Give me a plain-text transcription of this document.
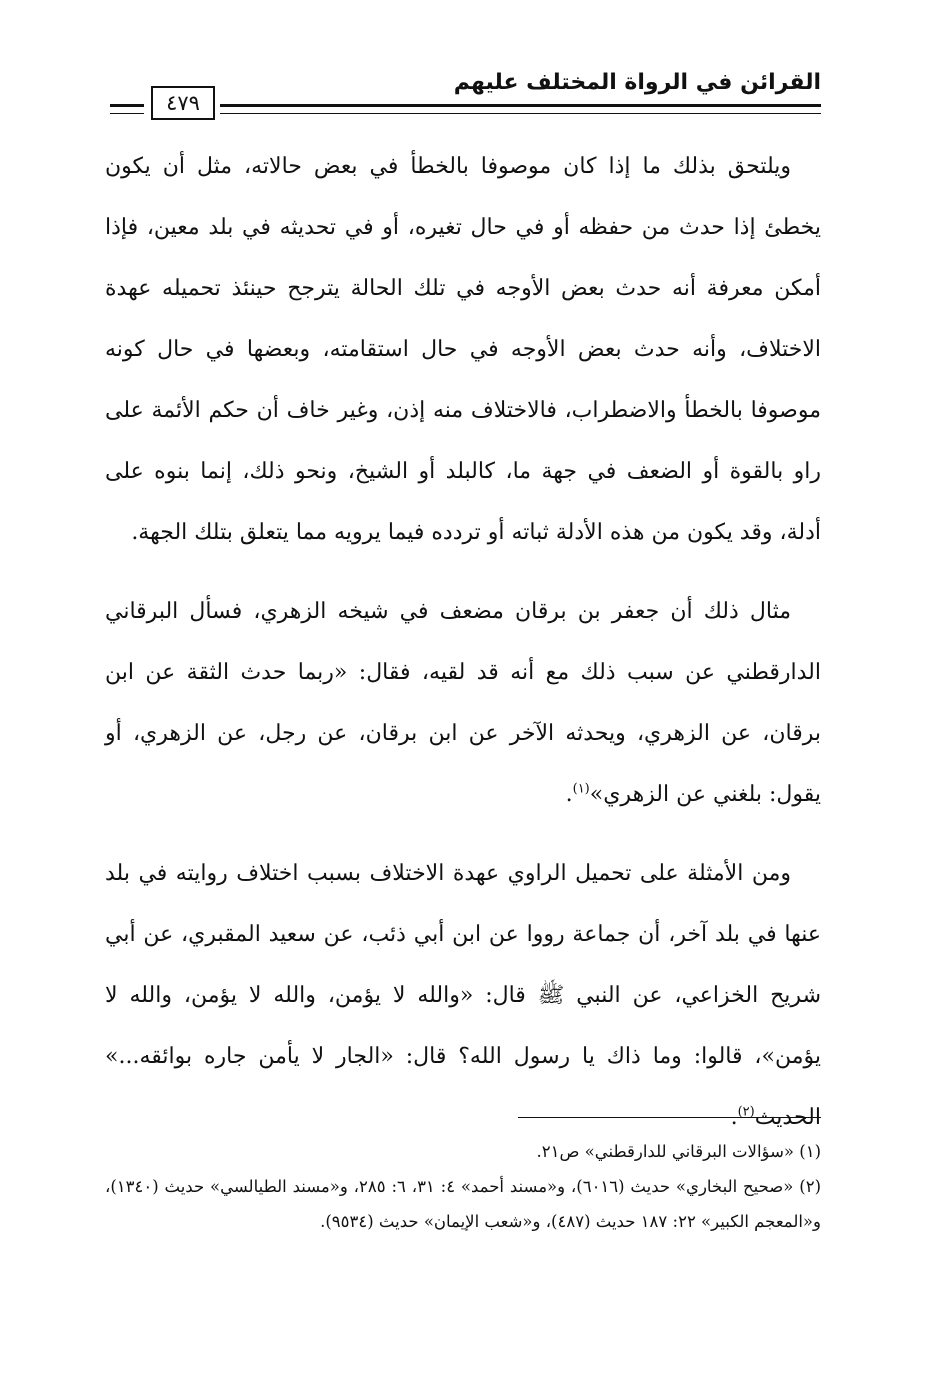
القرائن في الرواة المختلف عليهم
٤٧٩

ويلتحق بذلك ما إذا كان موصوفا بالخطأ في بعض حالاته، مثل أن يكون يخطئ إذا حدث من حفظه أو في حال تغيره، أو في تحديثه في بلد معين، فإذا أمكن معرفة أنه حدث بعض الأوجه في تلك الحالة يترجح حينئذ تحميله عهدة الاختلاف، وأنه حدث بعض الأوجه في حال استقامته، وبعضها في حال كونه موصوفا بالخطأ والاضطراب، فالاختلاف منه إذن، وغير خاف أن حكم الأئمة على راو بالقوة أو الضعف في جهة ما، كالبلد أو الشيخ، ونحو ذلك، إنما بنوه على أدلة، وقد يكون من هذه الأدلة ثباته أو تردده فيما يرويه مما يتعلق بتلك الجهة.

مثال ذلك أن جعفر بن برقان مضعف في شيخه الزهري، فسأل البرقاني الدارقطني عن سبب ذلك مع أنه قد لقيه، فقال: «ربما حدث الثقة عن ابن برقان، عن الزهري، ويحدثه الآخر عن ابن برقان، عن رجل، عن الزهري، أو يقول: بلغني عن الزهري»$^{(١)}$.

ومن الأمثلة على تحميل الراوي عهدة الاختلاف بسبب اختلاف روايته في بلد عنها في بلد آخر، أن جماعة رووا عن ابن أبي ذئب، عن سعيد المقبري، عن أبي شريح الخزاعي، عن النبي ﷺ قال: «والله لا يؤمن، والله لا يؤمن، والله لا يؤمن»، قالوا: وما ذاك يا رسول الله؟ قال: «الجار لا يأمن جاره بوائقه...» الحديث$^{(٢)}$.

(١) «سؤالات البرقاني للدارقطني» ص٢١.

(٢) «صحيح البخاري» حديث (٦٠١٦)، و«مسند أحمد» ٤: ٣١، ٦: ٢٨٥، و«مسند الطيالسي» حديث (١٣٤٠)، و«المعجم الكبير» ٢٢: ١٨٧ حديث (٤٨٧)، و«شعب الإيمان» حديث (٩٥٣٤).
